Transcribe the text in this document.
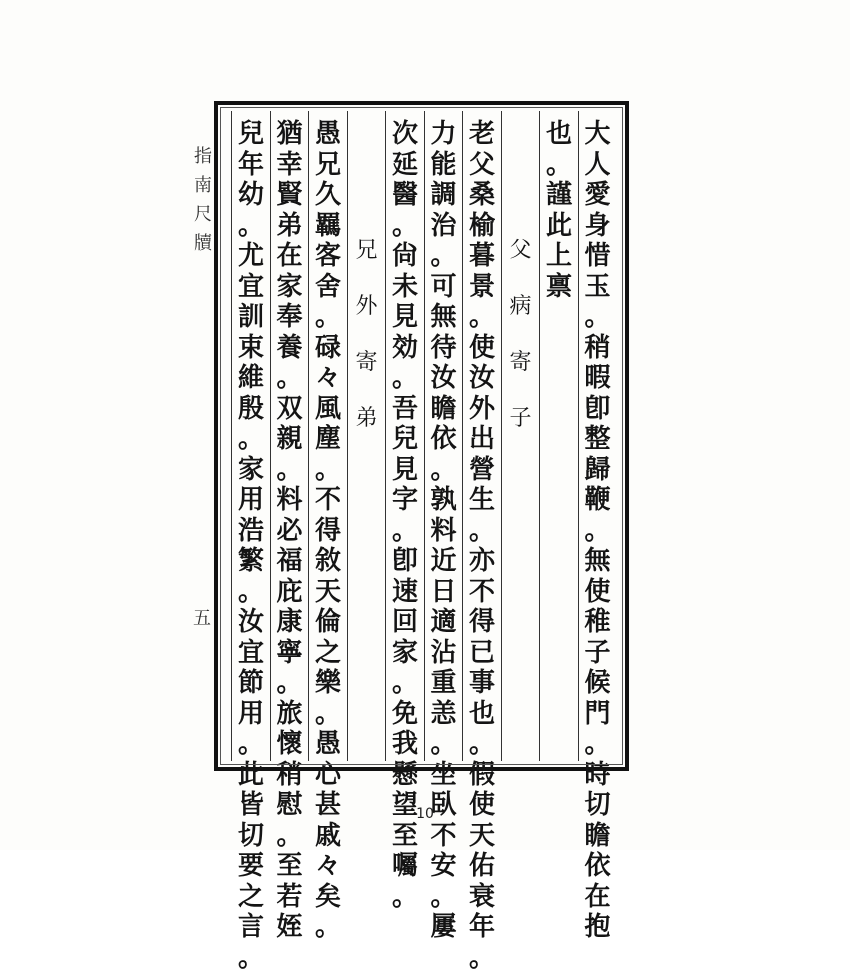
指
南
尺
牘
五
大
人
愛
身
惜
玉
。
稍
暇
卽
整
歸
鞭
。
無
使
稚
子
候
門
。
時
切
瞻
依
在
抱
也
。
謹
此
上
禀
父
病
寄
子
老
父
桑
榆
暮
景
。
使
汝
外
出
營
生
。
亦
不
得
已
事
也
。
假
使
天
佑
衰
年
。
力
能
調
治
。
可
無
待
汝
瞻
依
。
孰
料
近
日
適
沾
重
恙
。
坐
臥
不
安
。
屢
次
延
醫
。
尙
未
見
効
。
吾
兒
見
字
。
卽
速
回
家
。
免
我
懸
望
至
囑
。
兄
外
寄
弟
愚
兄
久
羈
客
舍
。
碌
々
風
塵
。
不
得
敘
天
倫
之
樂
。
愚
心
甚
戚
々
矣
。
猶
幸
賢
弟
在
家
奉
養
。
双
親
。
料
必
福
庇
康
寧
。
旅
懷
稍
慰
。
至
若
姪
兒
年
幼
。
尤
宜
訓
束
維
殷
。
家
用
浩
繁
。
汝
宜
節
用
。
此
皆
切
要
之
言
。
10
